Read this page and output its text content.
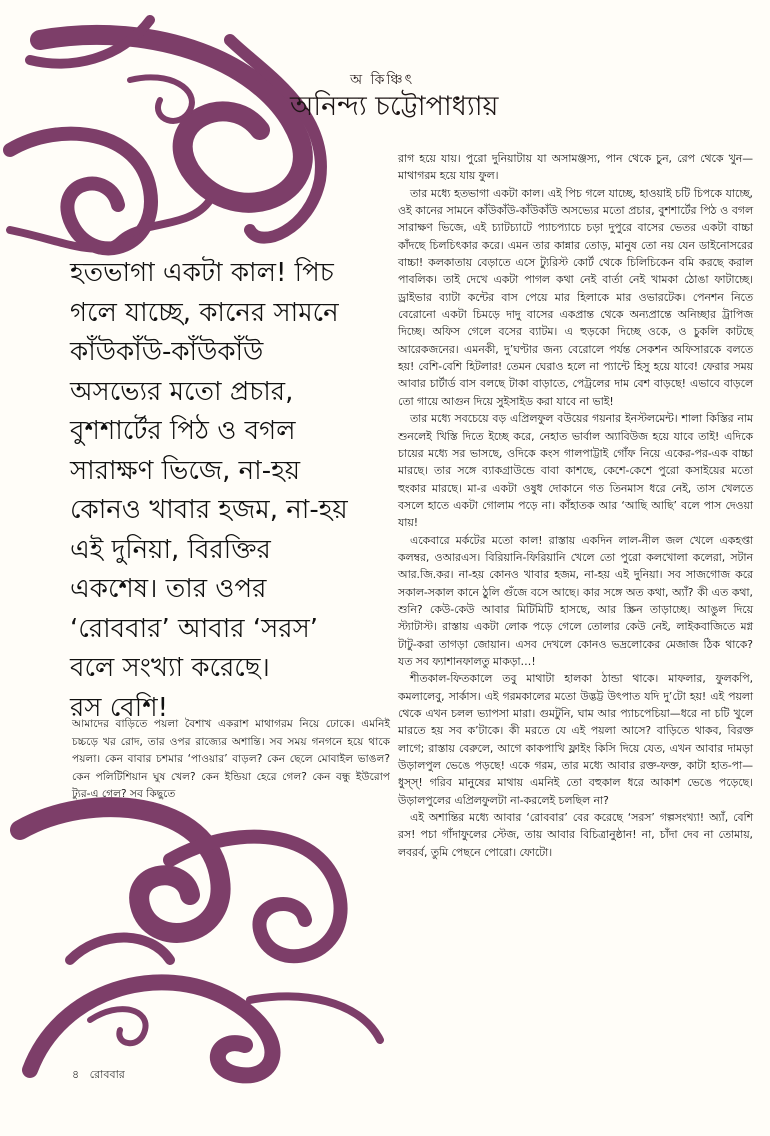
অ কিঞ্চিৎ
অনিন্দ্য চট্টোপাধ্যায়
হতভাগা একটা কাল! পিচ
গলে যাচ্ছে, কানের সামনে
কাঁউকাঁউ-কাঁউকাঁউ
অসভ্যের মতো প্রচার,
বুশশার্টের পিঠ ও বগল
সারাক্ষণ ভিজে, না-হয়
কোনও খাবার হজম, না-হয়
এই দুনিয়া, বিরক্তির
একশেষ। তার ওপর
‘রোববার’ আবার ‘সরস’
বলে সংখ্যা করেছে।
রস বেশি!
আমাদের বাড়িতে পয়লা বৈশাখ একরাশ মাথাগরম নিয়ে ঢোকে। এমনিই চচ্চড়ে খর রোদ, তার ওপর রাজ্যের অশান্তি। সব সময় গনগনে হয়ে থাকে পয়লা। কেন বাবার চশমার ‘পাওয়ার’ বাড়ল? কেন ছেলে মোবাইল ভাঙল? কেন পলিটিশিয়ান ঘুষ খেল? কেন ইন্ডিয়া হেরে গেল? কেন বন্ধু ইউরোপ ট্যুর-এ গেল? সব কিছুতে

রাগ হয়ে যায়। পুরো দুনিয়াটায় যা অসামঞ্জস্য, পান থেকে চুন, রেপ থেকে খুন—মাথাগরম হয়ে যায় ফুল।

তার মধ্যে হতভাগা একটা কাল। এই পিচ গলে যাচ্ছে, হাওয়াই চটি চিপকে যাচ্ছে, ওই কানের সামনে কাঁউকাঁউ-কাঁউকাঁউ অসভ্যের মতো প্রচার, বুশশার্টের পিঠ ও বগল সারাক্ষণ ভিজে, এই চ্যাটচ্যাটে প্যাচপ্যাচে চড়া দুপুরে বাসের ভেতর একটা বাচ্চা কাঁদছে চিলচিৎকার করে। এমন তার কান্নার তোড়, মানুষ তো নয় যেন ডাইনোসরের বাচ্চা! কলকাতায় বেড়াতে এসে ট্যুরিস্ট কোর্ট থেকে চিলিচিকেন বমি করছে করাল পাবলিক। তাই দেখে একটা পাগল কথা নেই বার্তা নেই খামকা ঠোঙা ফাটাচ্ছে। ড্রাইভার ব্যাটা কন্টের বাস পেয়ে মার হিলাকে মার ওভারটেক। পেনশন নিতে বেরোনো একটা চিমড়ে দাদু বাসের একপ্রান্ত থেকে অন্যপ্রান্তে অনিচ্ছার ট্রাপিজ দিচ্ছে। অফিস গেলে বসের ব্যাটম। এ হুড়কো দিচ্ছে ওকে, ও চুকলি কাটছে আরেকজনের। এমনকী, দু’ঘণ্টার জন্য বেরোলে পর্যন্ত সেকশন অফিসারকে বলতে হয়! বেশি-বেশি হিটলার! তেমন ঘেরাও হলে না প্যান্টে হিসু হয়ে যাবে! ফেরার সময় আবার চার্টার্ড বাস বলছে টাকা বাড়াতে, পেট্রলের দাম বেশ বাড়ছে! এভাবে বাড়লে তো গায়ে আগুন দিয়ে সুইসাইড করা যাবে না ভাই!

তার মধ্যে সবচেয়ে বড় এপ্রিলফুল বউয়ের গয়নার ইনস্টলমেন্ট। শালা কিস্তির নাম শুনলেই খিস্তি দিতে ইচ্ছে করে, নেহাত ভার্বাল অ্যাবিউজ হয়ে যাবে তাই! এদিকে চায়ের মধ্যে সর ভাসছে, ওদিকে কংস গালপাট্টাই গোঁফ নিয়ে একের-পর-এক বাচ্চা মারছে। তার সঙ্গে ব্যাকগ্রাউন্ডে বাবা কাশছে, কেশে-কেশে পুরো কসাইয়ের মতো হুংকার মারছে। মা-র একটা ওষুধ দোকানে গত তিনমাস ধরে নেই, তাস খেলতে বসলে হাতে একটা গোলাম পড়ে না। কাঁহাতক আর ‘আছি আছি’ বলে পাস দেওয়া যায়!

একেবারে মর্কটের মতো কাল! রাস্তায় একদিন লাল-নীল জল খেলে একহপ্তা কলম্বর, ওআরএস। বিরিয়ানি-ফিরিয়ানি খেলে তো পুরো কলখোলা কলেরা, সটান আর.জি.কর। না-হয় কোনও খাবার হজম, না-হয় এই দুনিয়া। সব সাজগোজ করে সকাল-সকাল কানে ঠুলি গুঁজে বসে আছে। কার সঙ্গে অত কথা, অ্যাঁ? কী এত কথা, শুনি? কেউ-কেউ আবার মিটিমিটি হাসছে, আর স্ক্রিন তাড়াচ্ছে। আঙুল দিয়ে স্ট্যাটাস্ট। রাস্তায় একটা লোক পড়ে গেলে তোলার কেউ নেই, লাইকবাজিতে মগ্ন টাটু-করা তাগড়া জোয়ান। এসব দেখলে কোনও ভদ্রলোকের মেজাজ ঠিক থাকে? যত সব ফ্যাশানফালতু মাকড়া…!

শীতকাল-ফিতকালে তবু মাথাটা হালকা ঠান্ডা থাকে। মাফলার, ফুলকপি, কমলালেবু, সার্কাস। এই গরমকালের মতো উদ্ভট্ট উৎপাত যদি দু’টো হয়! এই পয়লা থেকে এখন চলল ভ্যাপসা মারা। গুমটুনি, ঘাম আর প্যাচপেচিয়া—ধরে না চটি খুলে মারতে হয় সব ক’টাকে। কী মরতে যে এই পয়লা আসে? বাড়িতে থাকব, বিরক্ত লাগে; রাস্তায় বেরুলে, আগে কাকপাখি ফ্লাইং কিসি দিয়ে যেত, এখন আবার দামড়া উড়ালপুল ভেঙে পড়ছে! একে গরম, তার মধ্যে আবার রক্ত-ফক্ত, কাটা হাত-পা—ধুস্স্! গরিব মানুষের মাথায় এমনিই তো বহুকাল ধরে আকাশ ভেঙে পড়েছে। উড়ালপুলের এপ্রিলফুলটা না-করলেই চলছিল না?

এই অশান্তির মধ্যে আবার ‘রোববার’ বের করেছে ‘সরস’ গল্পসংখ্যা! অ্যাঁ, বেশি রস! পচা গাঁদাফুলের স্টেজ, তায় আবার বিচিত্রানুষ্ঠান! না, চাঁদা দেব না তোমায়, লবরর্ব, তুমি পেছনে পোরো। ফোটো।

৪ রোববার
